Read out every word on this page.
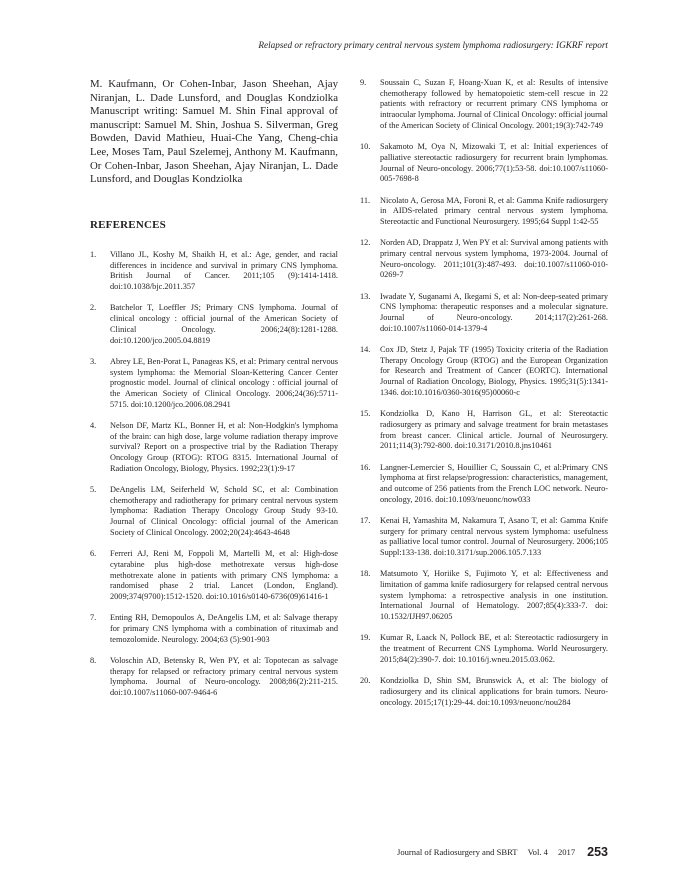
Relapsed or refractory primary central nervous system lymphoma radiosurgery: IGKRF report

M. Kaufmann, Or Cohen-Inbar, Jason Sheehan, Ajay Niranjan, L. Dade Lunsford, and Douglas Kondziolka Manuscript writing: Samuel M. Shin Final approval of manuscript: Samuel M. Shin, Joshua S. Silverman, Greg Bowden, David Mathieu, Huai-Che Yang, Cheng-chia Lee, Moses Tam, Paul Szelemej, Anthony M. Kaufmann, Or Cohen-Inbar, Jason Sheehan, Ajay Niranjan, L. Dade Lunsford, and Douglas Kondziolka

REFERENCES
1.	Villano JL, Koshy M, Shaikh H, et al.: Age, gender, and racial differences in incidence and survival in primary CNS lymphoma. British Journal of Cancer. 2011;105 (9):1414-1418. doi:10.1038/bjc.2011.357
2.	Batchelor T, Loeffler JS; Primary CNS lymphoma. Journal of clinical oncology : official journal of the American Society of Clinical Oncology. 2006;24(8):1281-1288. doi:10.1200/jco.2005.04.8819
3.	Abrey LE, Ben-Porat L, Panageas KS, et al: Primary central nervous system lymphoma: the Memorial Sloan-Kettering Cancer Center prognostic model. Journal of clinical oncology : official journal of the American Society of Clinical Oncology. 2006;24(36):5711-5715. doi:10.1200/jco.2006.08.2941
4.	Nelson DF, Martz KL, Bonner H, et al: Non-Hodgkin's lymphoma of the brain: can high dose, large volume radiation therapy improve survival? Report on a prospective trial by the Radiation Therapy Oncology Group (RTOG): RTOG 8315. International Journal of Radiation Oncology, Biology, Physics. 1992;23(1):9-17
5.	DeAngelis LM, Seiferheld W, Schold SC, et al: Combination chemotherapy and radiotherapy for primary central nervous system lymphoma: Radiation Therapy Oncology Group Study 93-10. Journal of Clinical Oncology: official journal of the American Society of Clinical Oncology. 2002;20(24):4643-4648
6.	Ferreri AJ, Reni M, Foppoli M, Martelli M, et al: High-dose cytarabine plus high-dose methotrexate versus high-dose methotrexate alone in patients with primary CNS lymphoma: a randomised phase 2 trial. Lancet (London, England). 2009;374(9700):1512-1520. doi:10.1016/s0140-6736(09)61416-1
7.	Enting RH, Demopoulos A, DeAngelis LM, et al: Salvage therapy for primary CNS lymphoma with a combination of rituximab and temozolomide. Neurology. 2004;63 (5):901-903
8.	Voloschin AD, Betensky R, Wen PY, et al: Topotecan as salvage therapy for relapsed or refractory primary central nervous system lymphoma. Journal of Neuro-oncology. 2008;86(2):211-215. doi:10.1007/s11060-007-9464-6
9.	Soussain C, Suzan F, Hoang-Xuan K, et al: Results of intensive chemotherapy followed by hematopoietic stem-cell rescue in 22 patients with refractory or recurrent primary CNS lymphoma or intraocular lymphoma. Journal of Clinical Oncology: official journal of the American Society of Clinical Oncology. 2001;19(3):742-749
10.	Sakamoto M, Oya N, Mizowaki T, et al: Initial experiences of palliative stereotactic radiosurgery for recurrent brain lymphomas. Journal of Neuro-oncology. 2006;77(1):53-58. doi:10.1007/s11060-005-7698-8
11.	Nicolato A, Gerosa MA, Foroni R, et al: Gamma Knife radiosurgery in AIDS-related primary central nervous system lymphoma. Stereotactic and Functional Neurosurgery. 1995;64 Suppl 1:42-55
12.	Norden AD, Drappatz J, Wen PY et al: Survival among patients with primary central nervous system lymphoma, 1973-2004. Journal of Neuro-oncology. 2011;101(3):487-493. doi:10.1007/s11060-010-0269-7
13.	Iwadate Y, Suganami A, Ikegami S, et al: Non-deep-seated primary CNS lymphoma: therapeutic responses and a molecular signature. Journal of Neuro-oncology. 2014;117(2):261-268. doi:10.1007/s11060-014-1379-4
14.	Cox JD, Stetz J, Pajak TF (1995) Toxicity criteria of the Radiation Therapy Oncology Group (RTOG) and the European Organization for Research and Treatment of Cancer (EORTC). International Journal of Radiation Oncology, Biology, Physics. 1995;31(5):1341-1346. doi:10.1016/0360-3016(95)00060-c
15.	Kondziolka D, Kano H, Harrison GL, et al: Stereotactic radiosurgery as primary and salvage treatment for brain metastases from breast cancer. Clinical article. Journal of Neurosurgery. 2011;114(3):792-800. doi:10.3171/2010.8.jns10461
16.	Langner-Lemercier S, Houillier C, Soussain C, et al:Primary CNS lymphoma at first relapse/progression: characteristics, management, and outcome of 256 patients from the French LOC network. Neuro-oncology, 2016. doi:10.1093/neuonc/now033
17.	Kenai H, Yamashita M, Nakamura T, Asano T, et al: Gamma Knife surgery for primary central nervous system lymphoma: usefulness as palliative local tumor control. Journal of Neurosurgery. 2006;105 Suppl:133-138. doi:10.3171/sup.2006.105.7.133
18.	Matsumoto Y, Horiike S, Fujimoto Y, et al: Effectiveness and limitation of gamma knife radiosurgery for relapsed central nervous system lymphoma: a retrospective analysis in one institution. International Journal of Hematology. 2007;85(4):333-7. doi: 10.1532/IJH97.06205
19.	Kumar R, Laack N, Pollock BE, et al: Stereotactic radiosurgery in the treatment of Recurrent CNS Lymphoma. World Neurosurgery. 2015;84(2):390-7. doi: 10.1016/j.wneu.2015.03.062.
20.	Kondziolka D, Shin SM, Brunswick A, et al: The biology of radiosurgery and its clinical applications for brain tumors. Neuro-oncology. 2015;17(1):29-44. doi:10.1093/neuonc/nou284
Journal of Radiosurgery and SBRT Vol. 4 2017 253
